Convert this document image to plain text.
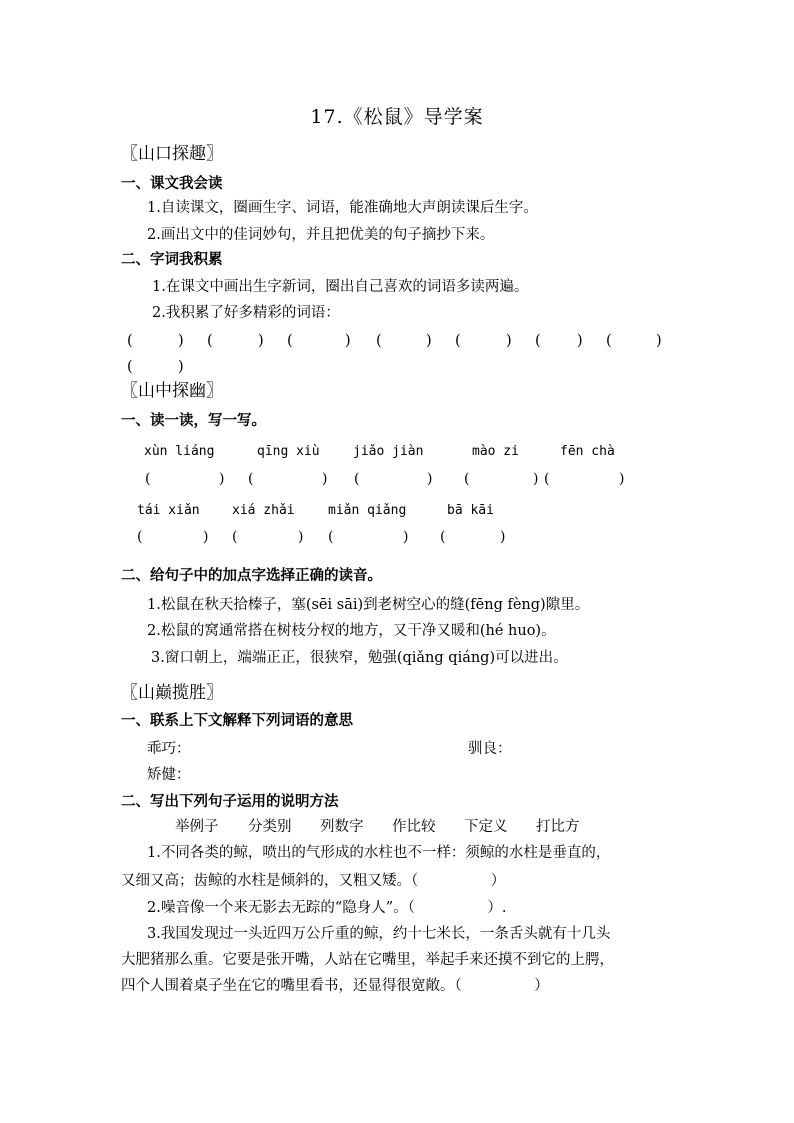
17.《松鼠》导学案
〖山口探趣〗
一、课文我会读
1.自读课文，圈画生字、词语，能准确地大声朗读课后生字。
2.画出文中的佳词妙句，并且把优美的句子摘抄下来。
二、字词我积累
1.在课文中画出生字新词，圈出自己喜欢的词语多读两遍。
2.我积累了好多精彩的词语：
(	) (	) (	) (	) (	) (	) (	)
(	)
〖山中探幽〗
一、读一读，写一写。
xùn liáng	qīng xiù	jiǎo jiàn	mào zi	fēn chà
(	) (	) (	) (	) (	)
tái xiǎn xiá zhǎi	miǎn qiǎng	bā kāi
(	) (	) (	) (	)
二、给句子中的加点字选择正确的读音。
1.松鼠在秋天拾榛子，塞(sēi sāi)到老树空心的缝(fēng fèng)隙里。
2.松鼠的窝通常搭在树枝分杈的地方，又干净又暖和(hé huo)。
3.窗口朝上，端端正正，很狭窄，勉强(qiǎng qiáng)可以进出。
〖山巅揽胜〗
一、联系上下文解释下列词语的意思
乖巧：	驯良：
矫健：
二、写出下列句子运用的说明方法
举例子 分类别 列数字 作比较 下定义 打比方
1.不同各类的鲸，喷出的气形成的水柱也不一样：须鲸的水柱是垂直的，
又细又高；齿鲸的水柱是倾斜的，又粗又矮。（　　　　　）
2.噪音像一个来无影去无踪的“隐身人”。（　　　　　）.
3.我国发现过一头近四万公斤重的鲸，约十七米长，一条舌头就有十几头
大肥猪那么重。它要是张开嘴，人站在它嘴里，举起手来还摸不到它的上腭，
四个人围着桌子坐在它的嘴里看书，还显得很宽敞。（　　　　　）
